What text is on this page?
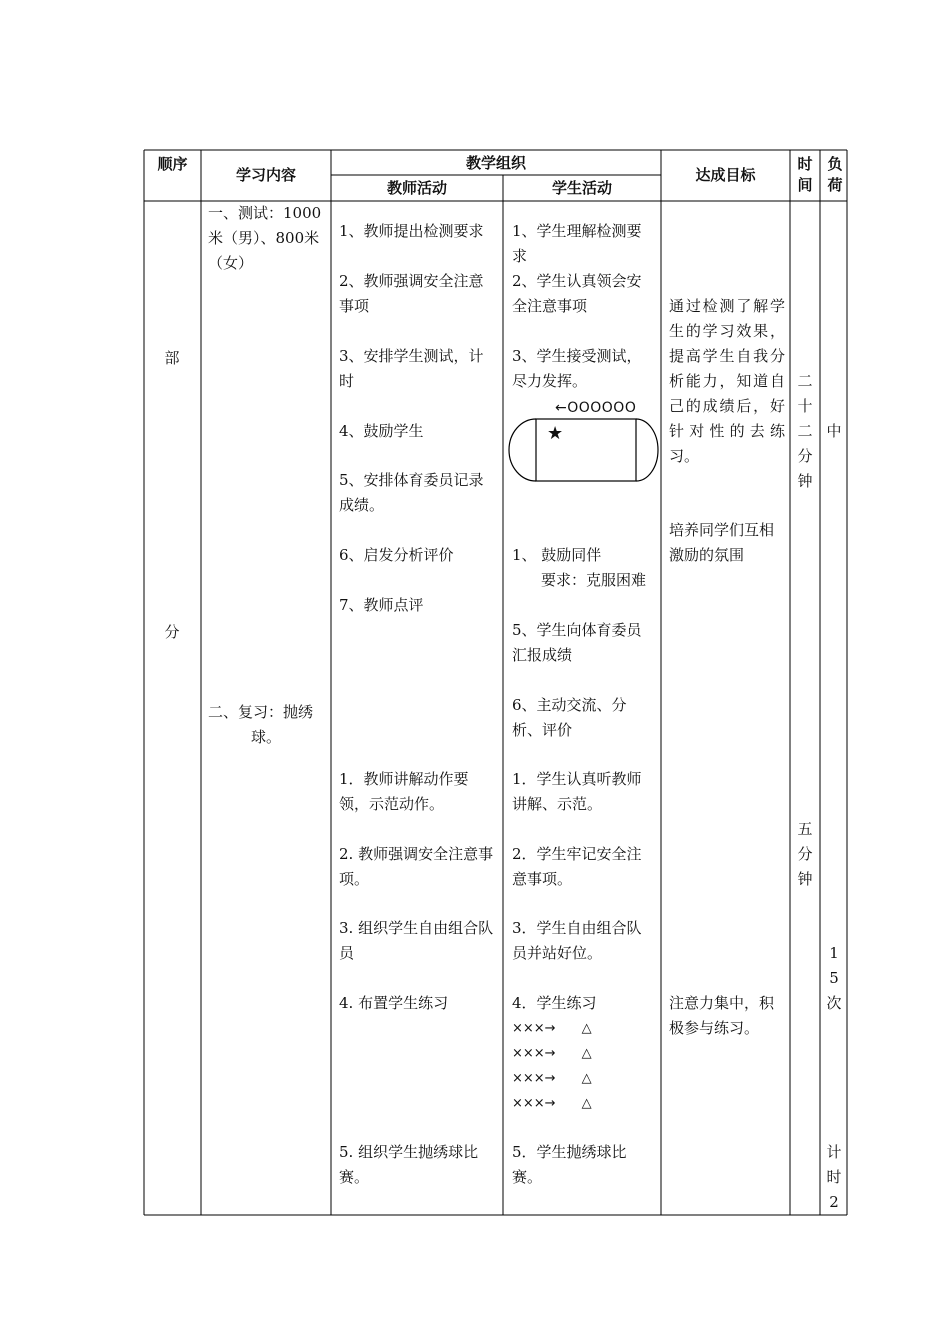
顺序
学习内容
教学组织
教师活动	学生活动
达成目标
时间
负荷
部
分
一、测试：1000米（男）、800米（女）
二、复习：抛绣
球。
1、教师提出检测要求
2、教师强调安全注意事项
3、安排学生测试，计时
4、鼓励学生
5、安排体育委员记录成绩。
6、启发分析评价
7、教师点评
1．教师讲解动作要领，示范动作。
2. 教师强调安全注意事项。
3. 组织学生自由组合队员
4. 布置学生练习
5. 组织学生抛绣球比赛。
1、学生理解检测要求
2、学生认真领会安全注意事项
3、学生接受测试，尽力发挥。
←OOOOOO
★
1、 鼓励同伴
要求：克服困难
5、学生向体育委员汇报成绩
6、主动交流、分析、评价
1．学生认真听教师讲解、示范。
2．学生牢记安全注意事项。
3．学生自由组合队员并站好位。
4．学生练习
×××→　　△
×××→　　△
×××→　　△
×××→　　△
5．学生抛绣球比赛。
通过检测了解学生的学习效果，提高学生自我分析能力，知道自己的成绩后，好针对性的去练习。
培养同学们互相激励的氛围
注意力集中，积极参与练习。
二
十
二
分
钟
五
分
钟
中
1
5
次
计
时
2
